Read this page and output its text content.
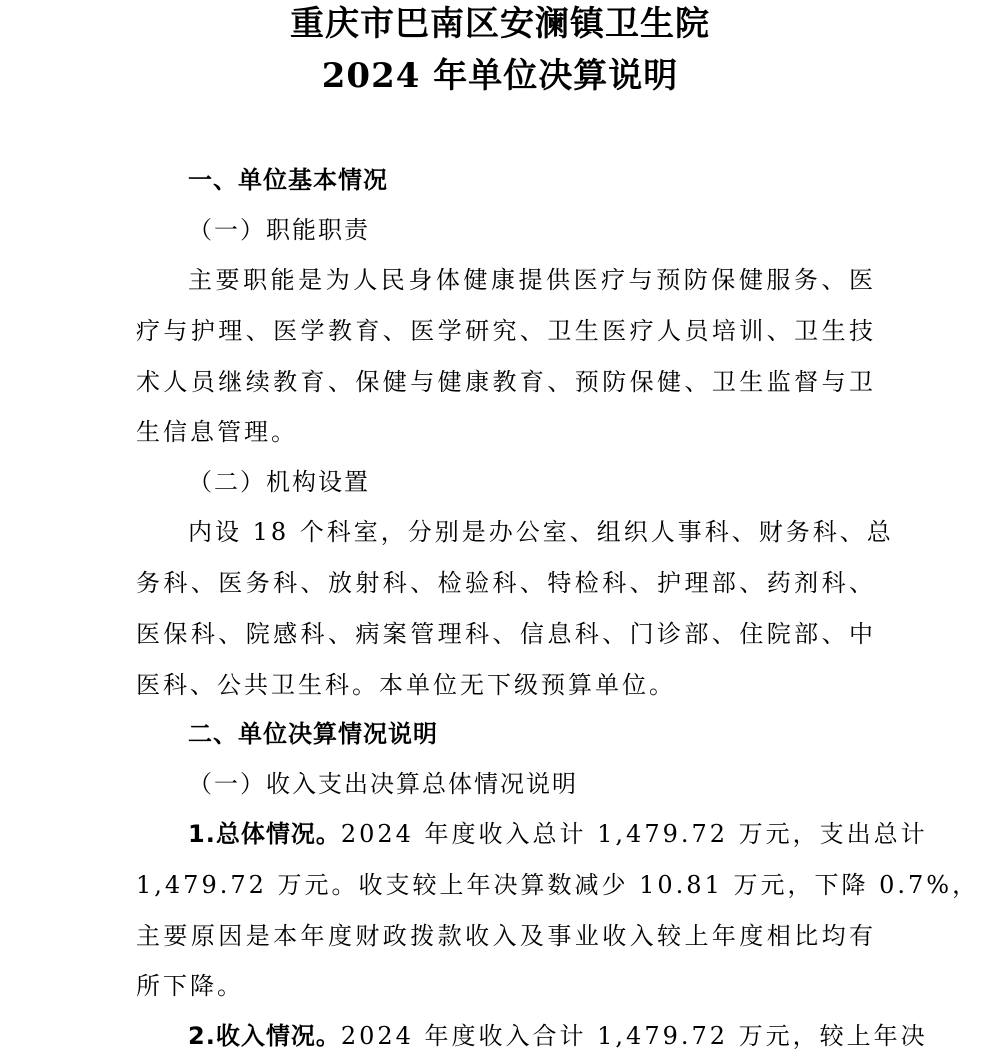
重庆市巴南区安澜镇卫生院
2024 年单位决算说明
一、单位基本情况
（一）职能职责
主要职能是为人民身体健康提供医疗与预防保健服务、医
疗与护理、医学教育、医学研究、卫生医疗人员培训、卫生技
术人员继续教育、保健与健康教育、预防保健、卫生监督与卫
生信息管理。
（二）机构设置
内设 18 个科室，分别是办公室、组织人事科、财务科、总
务科、医务科、放射科、检验科、特检科、护理部、药剂科、
医保科、院感科、病案管理科、信息科、门诊部、住院部、中
医科、公共卫生科。本单位无下级预算单位。
二、单位决算情况说明
（一）收入支出决算总体情况说明
1.总体情况。2024 年度收入总计 1,479.72 万元，支出总计
1,479.72 万元。收支较上年决算数减少 10.81 万元，下降 0.7%，
主要原因是本年度财政拨款收入及事业收入较上年度相比均有
所下降。
2.收入情况。2024 年度收入合计 1,479.72 万元，较上年决
